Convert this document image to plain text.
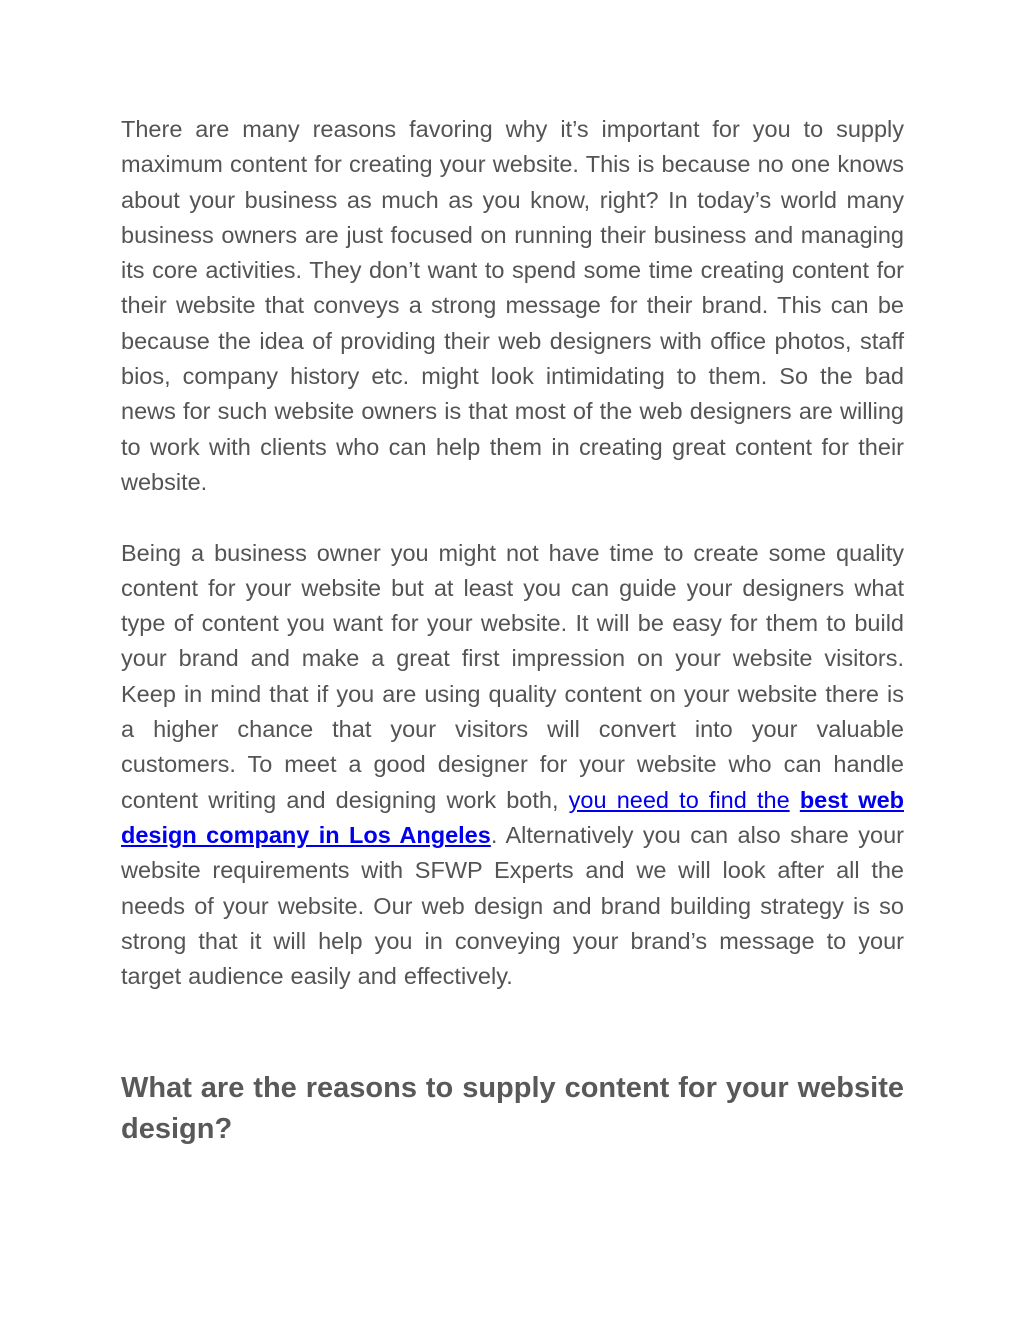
There are many reasons favoring why it’s important for you to supply maximum content for creating your website. This is because no one knows about your business as much as you know, right? In today’s world many business owners are just focused on running their business and managing its core activities. They don’t want to spend some time creating content for their website that conveys a strong message for their brand. This can be because the idea of providing their web designers with office photos, staff bios, company history etc. might look intimidating to them. So the bad news for such website owners is that most of the web designers are willing to work with clients who can help them in creating great content for their website.

Being a business owner you might not have time to create some quality content for your website but at least you can guide your designers what type of content you want for your website. It will be easy for them to build your brand and make a great first impression on your website visitors. Keep in mind that if you are using quality content on your website there is a higher chance that your visitors will convert into your valuable customers. To meet a good designer for your website who can handle content writing and designing work both, you need to find the best web design company in Los Angeles. Alternatively you can also share your website requirements with SFWP Experts and we will look after all the needs of your website. Our web design and brand building strategy is so strong that it will help you in conveying your brand’s message to your target audience easily and effectively.

What are the reasons to supply content for your website design?
